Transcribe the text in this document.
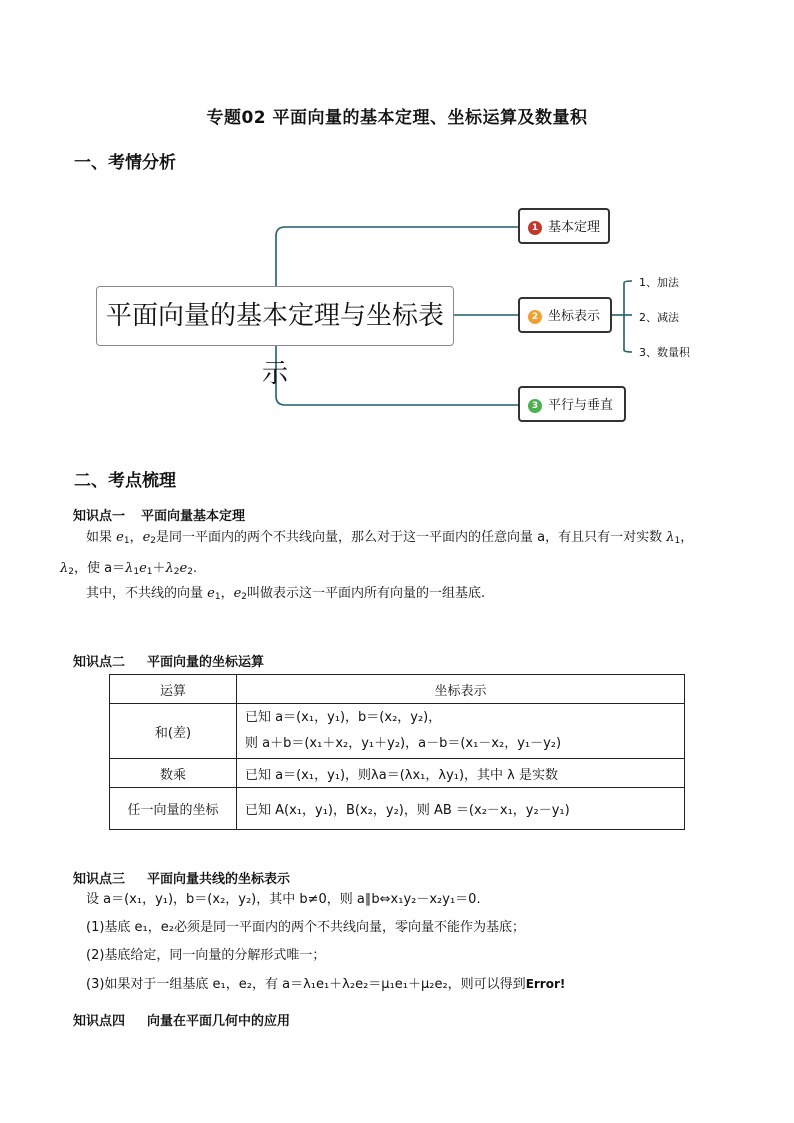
专题02 平面向量的基本定理、坐标运算及数量积
一、考情分析
平面向量的基本定理与坐标表示
1 基本定理
2 坐标表示
3 平行与垂直
1、加法
2、减法
3、数量积
二、考点梳理
知识点一 平面向量基本定理
如果 $e_1$，$e_2$是同一平面内的两个不共线向量，那么对于这一平面内的任意向量 a，有且只有一对实数 $\lambda_1$，
$\lambda_2$，使 $a=\lambda_1e_1+\lambda_2e_2$.
其中，不共线的向量 $e_1$，$e_2$叫做表示这一平面内所有向量的一组基底.
知识点二 平面向量的坐标运算
运算	坐标表示
和(差)	已知 a＝(x₁，y₁)，b＝(x₂，y₂)，
则 a＋b＝(x₁＋x₂，y₁＋y₂)，a－b＝(x₁－x₂，y₁－y₂)

数乘	已知 a＝(x₁，y₁)，则λa＝(λx₁，λy₁)，其中 λ 是实数
任一向量的坐标	已知 A(x₁，y₁)，B(x₂，y₂)，则 AB ＝(x₂－x₁，y₂－y₁)
知识点三 平面向量共线的坐标表示
设 a＝(x₁，y₁)，b＝(x₂，y₂)，其中 b≠0，则 a∥b⇔x₁y₂－x₂y₁＝0.
(1)基底 e₁，e₂必须是同一平面内的两个不共线向量，零向量不能作为基底；
(2)基底给定，同一向量的分解形式唯一；
(3)如果对于一组基底 e₁，e₂，有 a＝λ₁e₁＋λ₂e₂＝μ₁e₁＋μ₂e₂，则可以得到Error!
知识点四 向量在平面几何中的应用
